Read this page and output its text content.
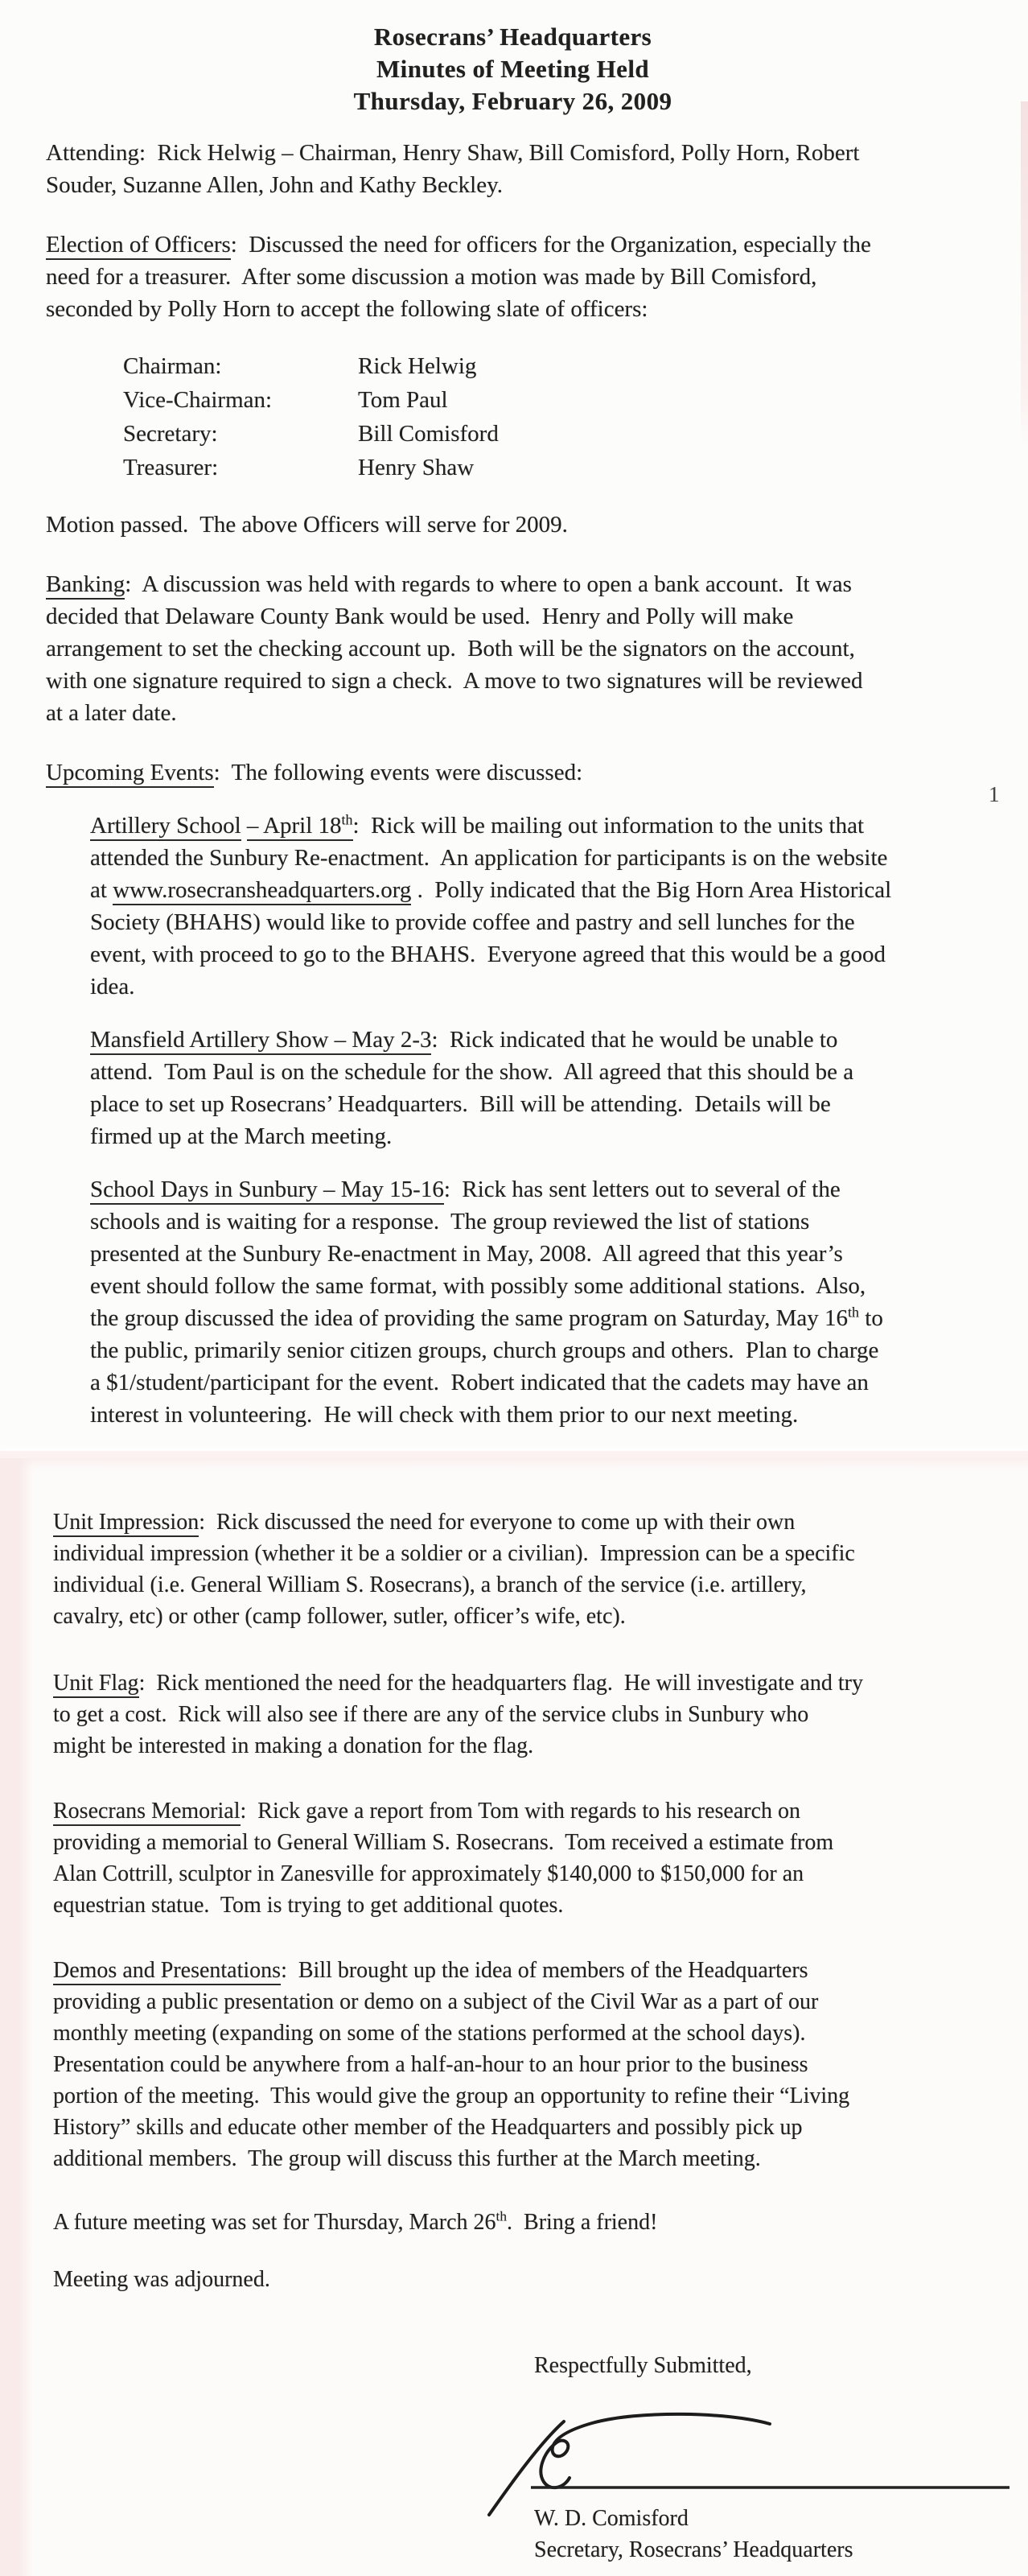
Rosecrans’ Headquarters
Minutes of Meeting Held
Thursday, February 26, 2009
Attending:  Rick Helwig – Chairman, Henry Shaw, Bill Comisford, Polly Horn, Robert
Souder, Suzanne Allen, John and Kathy Beckley.
Election of Officers:  Discussed the need for officers for the Organization, especially the
need for a treasurer.  After some discussion a motion was made by Bill Comisford,
seconded by Polly Horn to accept the following slate of officers:
Chairman:	Rick Helwig
Vice-Chairman:	Tom Paul
Secretary:	Bill Comisford
Treasurer:	Henry Shaw
Motion passed.  The above Officers will serve for 2009.
Banking:  A discussion was held with regards to where to open a bank account.  It was
decided that Delaware County Bank would be used.  Henry and Polly will make
arrangement to set the checking account up.  Both will be the signators on the account,
with one signature required to sign a check.  A move to two signatures will be reviewed
at a later date.
Upcoming Events:  The following events were discussed:
Artillery School – April 18th:  Rick will be mailing out information to the units that
attended the Sunbury Re-enactment.  An application for participants is on the website
at www.rosecransheadquarters.org .  Polly indicated that the Big Horn Area Historical
Society (BHAHS) would like to provide coffee and pastry and sell lunches for the
event, with proceed to go to the BHAHS.  Everyone agreed that this would be a good
idea.
Mansfield Artillery Show – May 2-3:  Rick indicated that he would be unable to
attend.  Tom Paul is on the schedule for the show.  All agreed that this should be a
place to set up Rosecrans’ Headquarters.  Bill will be attending.  Details will be
firmed up at the March meeting.
School Days in Sunbury – May 15-16:  Rick has sent letters out to several of the
schools and is waiting for a response.  The group reviewed the list of stations
presented at the Sunbury Re-enactment in May, 2008.  All agreed that this year’s
event should follow the same format, with possibly some additional stations.  Also,
the group discussed the idea of providing the same program on Saturday, May 16th to
the public, primarily senior citizen groups, church groups and others.  Plan to charge
a $1/student/participant for the event.  Robert indicated that the cadets may have an
interest in volunteering.  He will check with them prior to our next meeting.
1
Unit Impression:  Rick discussed the need for everyone to come up with their own
individual impression (whether it be a soldier or a civilian).  Impression can be a specific
individual (i.e. General William S. Rosecrans), a branch of the service (i.e. artillery,
cavalry, etc) or other (camp follower, sutler, officer’s wife, etc).
Unit Flag:  Rick mentioned the need for the headquarters flag.  He will investigate and try
to get a cost.  Rick will also see if there are any of the service clubs in Sunbury who
might be interested in making a donation for the flag.
Rosecrans Memorial:  Rick gave a report from Tom with regards to his research on
providing a memorial to General William S. Rosecrans.  Tom received a estimate from
Alan Cottrill, sculptor in Zanesville for approximately $140,000 to $150,000 for an
equestrian statue.  Tom is trying to get additional quotes.
Demos and Presentations:  Bill brought up the idea of members of the Headquarters
providing a public presentation or demo on a subject of the Civil War as a part of our
monthly meeting (expanding on some of the stations performed at the school days).
Presentation could be anywhere from a half-an-hour to an hour prior to the business
portion of the meeting.  This would give the group an opportunity to refine their “Living
History” skills and educate other member of the Headquarters and possibly pick up
additional members.  The group will discuss this further at the March meeting.
A future meeting was set for Thursday, March 26th.  Bring a friend!
Meeting was adjourned.
Respectfully Submitted,
W. D. Comisford
Secretary, Rosecrans’ Headquarters
